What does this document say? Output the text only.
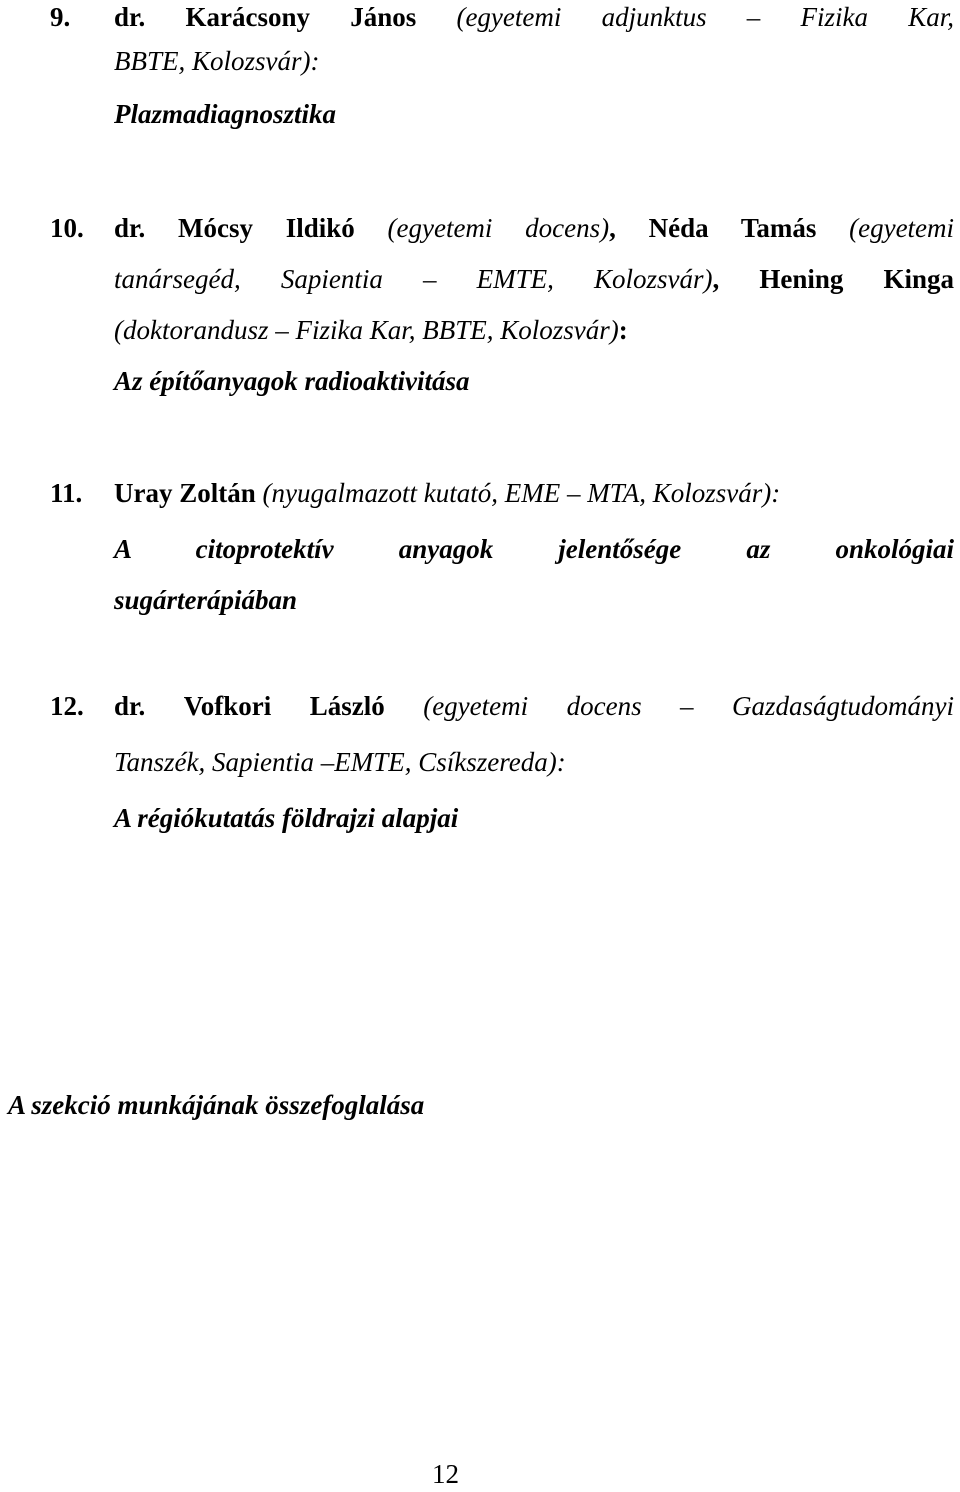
9. dr. Karácsony János (egyetemi adjunktus – Fizika Kar,
BBTE, Kolozsvár):
Plazmadiagnosztika
10. dr. Mócsy Ildikó (egyetemi docens), Néda Tamás (egyetemi
tanársegéd, Sapientia – EMTE, Kolozsvár), Hening Kinga
(doktorandusz – Fizika Kar, BBTE, Kolozsvár):
Az építőanyagok radioaktivitása
11. Uray Zoltán (nyugalmazott kutató, EME – MTA, Kolozsvár):
A citoprotektív anyagok jelentősége az onkológiai
sugárterápiában
12. dr. Vofkori László (egyetemi docens – Gazdaságtudományi
Tanszék, Sapientia –EMTE, Csíkszereda):
A régiókutatás földrajzi alapjai
A szekció munkájának összefoglalása
12
